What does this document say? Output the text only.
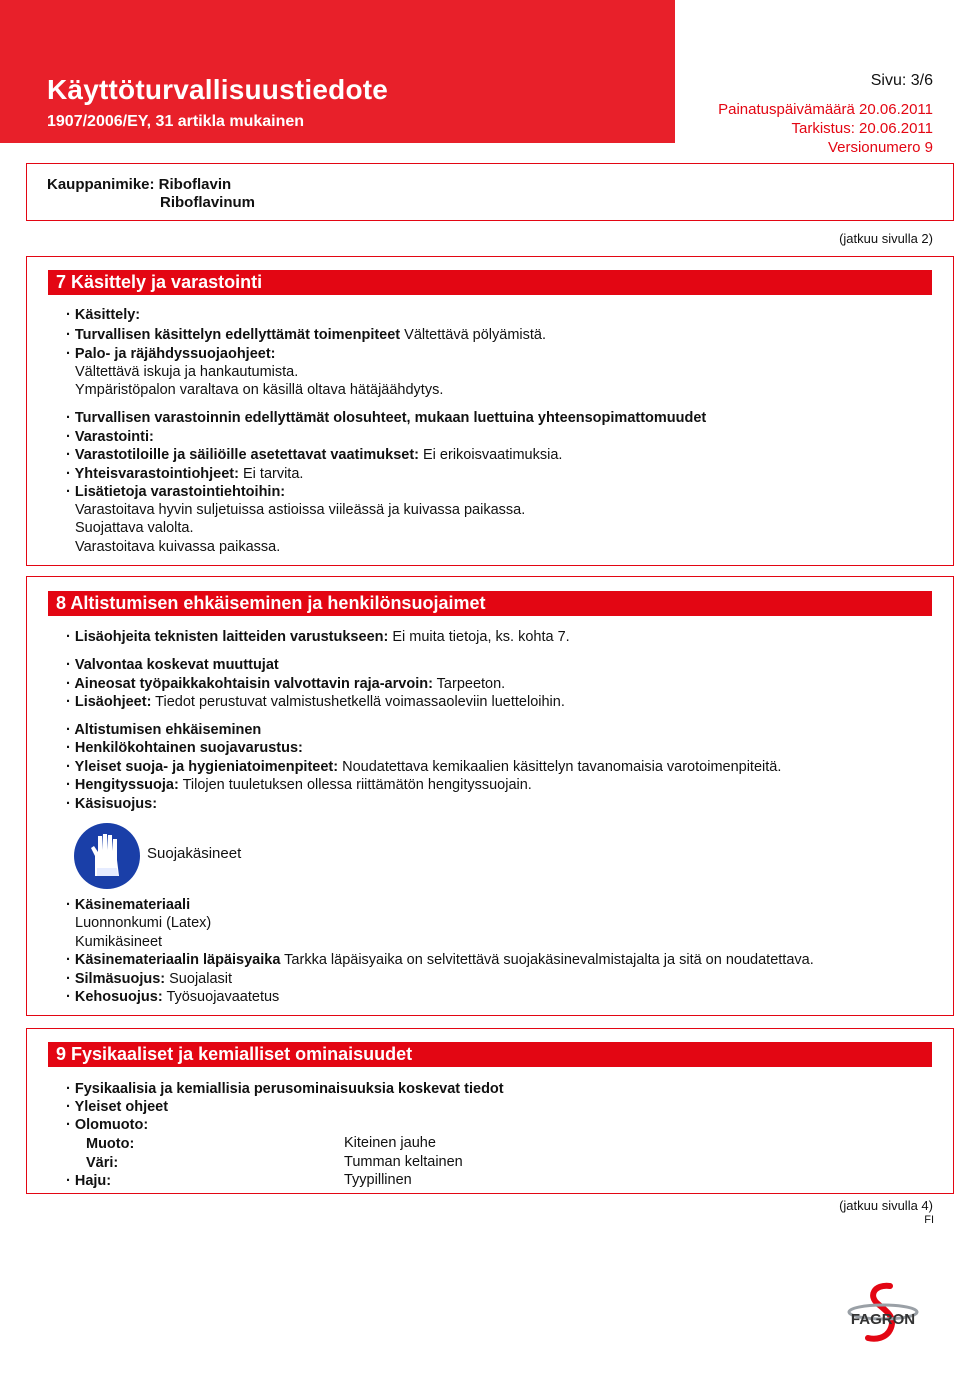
Käyttöturvallisuustiedote
1907/2006/EY, 31 artikla mukainen
Sivu: 3/6
Painatuspäivämäärä 20.06.2011
Tarkistus: 20.06.2011
Versionumero 9
Kauppanimike: Riboflavin
Riboflavinum
(jatkuu sivulla 2)
7 Käsittely ja varastointi
· Käsittely:
· Turvallisen käsittelyn edellyttämät toimenpiteet Vältettävä pölyämistä.
· Palo- ja räjähdyssuojaohjeet:
Vältettävä iskuja ja hankautumista.
Ympäristöpalon varaltava on käsillä oltava hätäjäähdytys.
· Turvallisen varastoinnin edellyttämät olosuhteet, mukaan luettuina yhteensopimattomuudet
· Varastointi:
· Varastotiloille ja säiliöille asetettavat vaatimukset: Ei erikoisvaatimuksia.
· Yhteisvarastointiohjeet: Ei tarvita.
· Lisätietoja varastointiehtoihin:
Varastoitava hyvin suljetuissa astioissa viileässä ja kuivassa paikassa.
Suojattava valolta.
Varastoitava kuivassa paikassa.
8 Altistumisen ehkäiseminen ja henkilönsuojaimet
· Lisäohjeita teknisten laitteiden varustukseen: Ei muita tietoja, ks. kohta 7.
· Valvontaa koskevat muuttujat
· Aineosat työpaikkakohtaisin valvottavin raja-arvoin: Tarpeeton.
· Lisäohjeet: Tiedot perustuvat valmistushetkellä voimassaoleviin luetteloihin.
· Altistumisen ehkäiseminen
· Henkilökohtainen suojavarustus:
· Yleiset suoja- ja hygieniatoimenpiteet: Noudatettava kemikaalien käsittelyn tavanomaisia varotoimenpiteitä.
· Hengityssuoja: Tilojen tuuletuksen ollessa riittämätön hengityssuojain.
· Käsisuojus:
Suojakäsineet
· Käsinemateriaali
Luonnonkumi (Latex)
Kumikäsineet
· Käsinemateriaalin läpäisyaika Tarkka läpäisyaika on selvitettävä suojakäsinevalmistajalta ja sitä on noudatettava.
· Silmäsuojus: Suojalasit
· Kehosuojus: Työsuojavaatetus
9 Fysikaaliset ja kemialliset ominaisuudet
· Fysikaalisia ja kemiallisia perusominaisuuksia koskevat tiedot
· Yleiset ohjeet
· Olomuoto:
Muoto:	Kiteinen jauhe
Väri:	Tumman keltainen
· Haju:	Tyypillinen
(jatkuu sivulla 4)
FI
FAGRON
